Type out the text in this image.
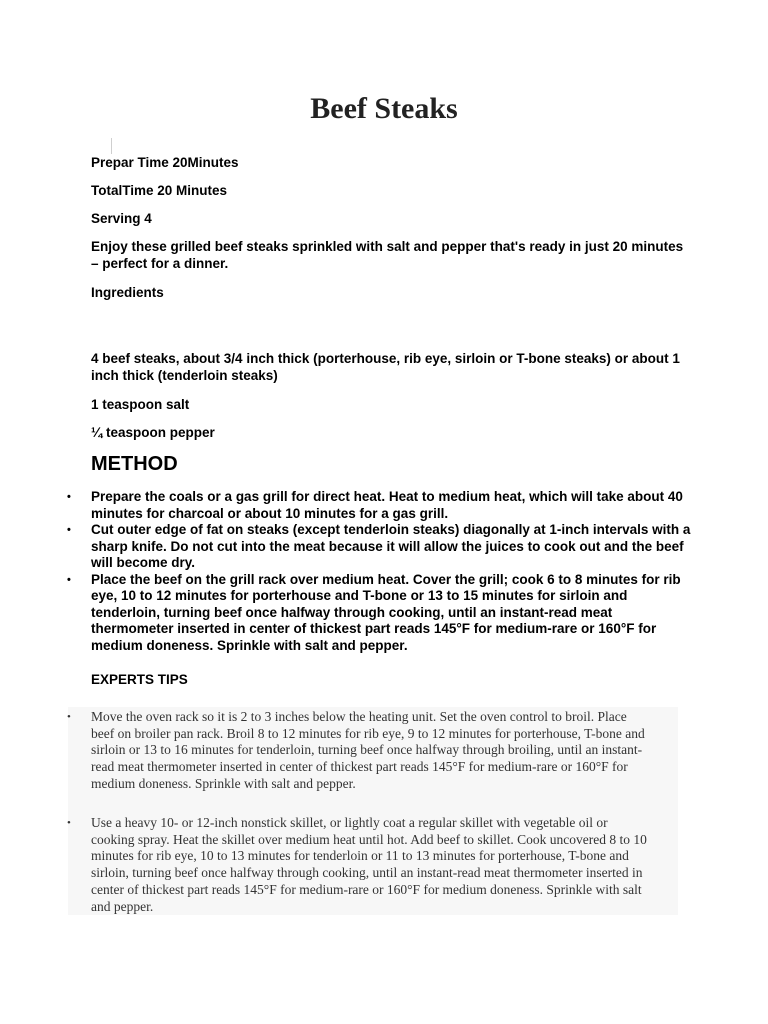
Beef Steaks

Prepar Time 20Minutes

TotalTime 20 Minutes

Serving 4

Enjoy these grilled beef steaks sprinkled with salt and pepper that's ready in just 20 minutes – perfect for a dinner.

Ingredients

4 beef steaks, about 3/4 inch thick (porterhouse, rib eye, sirloin or T-bone steaks) or about 1 inch thick (tenderloin steaks)

1 teaspoon salt

¼ teaspoon pepper

METHOD
• Prepare the coals or a gas grill for direct heat. Heat to medium heat, which will take about 40 minutes for charcoal or about 10 minutes for a gas grill.
• Cut outer edge of fat on steaks (except tenderloin steaks) diagonally at 1-inch intervals with a sharp knife. Do not cut into the meat because it will allow the juices to cook out and the beef will become dry.
• Place the beef on the grill rack over medium heat. Cover the grill; cook 6 to 8 minutes for rib eye, 10 to 12 minutes for porterhouse and T-bone or 13 to 15 minutes for sirloin and tenderloin, turning beef once halfway through cooking, until an instant-read meat thermometer inserted in center of thickest part reads 145°F for medium-rare or 160°F for medium doneness. Sprinkle with salt and pepper.

EXPERTS TIPS

• Move the oven rack so it is 2 to 3 inches below the heating unit. Set the oven control to broil. Place beef on broiler pan rack. Broil 8 to 12 minutes for rib eye, 9 to 12 minutes for porterhouse, T-bone and sirloin or 13 to 16 minutes for tenderloin, turning beef once halfway through broiling, until an instant-read meat thermometer inserted in center of thickest part reads 145°F for medium-rare or 160°F for medium doneness. Sprinkle with salt and pepper.
• Use a heavy 10- or 12-inch nonstick skillet, or lightly coat a regular skillet with vegetable oil or cooking spray. Heat the skillet over medium heat until hot. Add beef to skillet. Cook uncovered 8 to 10 minutes for rib eye, 10 to 13 minutes for tenderloin or 11 to 13 minutes for porterhouse, T-bone and sirloin, turning beef once halfway through cooking, until an instant-read meat thermometer inserted in center of thickest part reads 145°F for medium-rare or 160°F for medium doneness. Sprinkle with salt and pepper.
